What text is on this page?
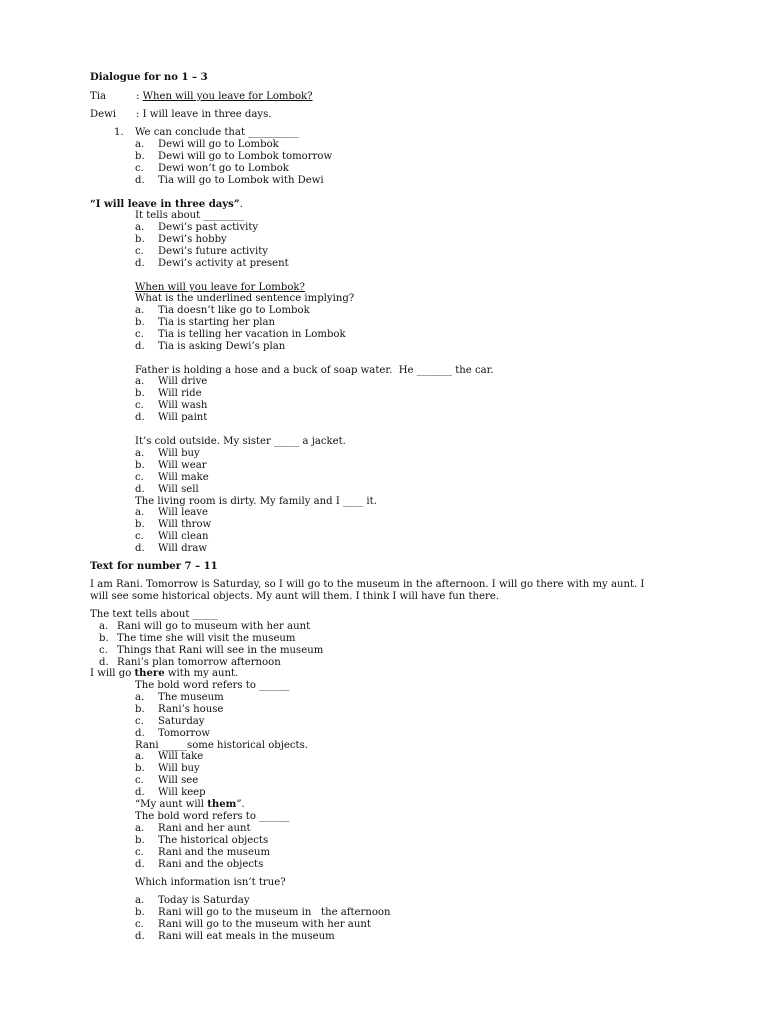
Dialogue for no 1 – 3
Tia	: When will you leave for Lombok?
Dewi : I will leave in three days.
1. We can conclude that __________
a. Dewi will go to Lombok
b. Dewi will go to Lombok tomorrow
c. Dewi won’t go to Lombok
d. Tia will go to Lombok with Dewi
“I will leave in three days”.
It tells about ________
a. Dewi’s past activity
b. Dewi’s hobby
c. Dewi’s future activity
d. Dewi’s activity at present
When will you leave for Lombok?
What is the underlined sentence implying?
a. Tia doesn’t like go to Lombok
b. Tia is starting her plan
c. Tia is telling her vacation in Lombok
d. Tia is asking Dewi’s plan
Father is holding a hose and a buck of soap water.  He _______ the car.
a. Will drive
b. Will ride
c. Will wash
d. Will paint
It’s cold outside. My sister _____ a jacket.
a. Will buy
b. Will wear
c. Will make
d. Will sell
The living room is dirty. My family and I ____ it.
a. Will leave
b. Will throw
c. Will clean
d. Will draw
Text for number 7 – 11
I am Rani. Tomorrow is Saturday, so I will go to the museum in the afternoon. I will go there with my aunt. I
will see some historical objects. My aunt will them. I think I will have fun there.
The text tells about _____
a. Rani will go to museum with her aunt
b. The time she will visit the museum
c. Things that Rani will see in the museum
d. Rani’s plan tomorrow afternoon
I will go there with my aunt.
The bold word refers to ______
a. The museum
b. Rani’s house
c. Saturday
d. Tomorrow
Rani _____some historical objects.
a. Will take
b. Will buy
c. Will see
d. Will keep
“My aunt will them”.
The bold word refers to ______
a. Rani and her aunt
b. The historical objects
c. Rani and the museum
d. Rani and the objects
Which information isn’t true?
a. Today is Saturday
b. Rani will go to the museum in   the afternoon
c. Rani will go to the museum with her aunt
d. Rani will eat meals in the museum
